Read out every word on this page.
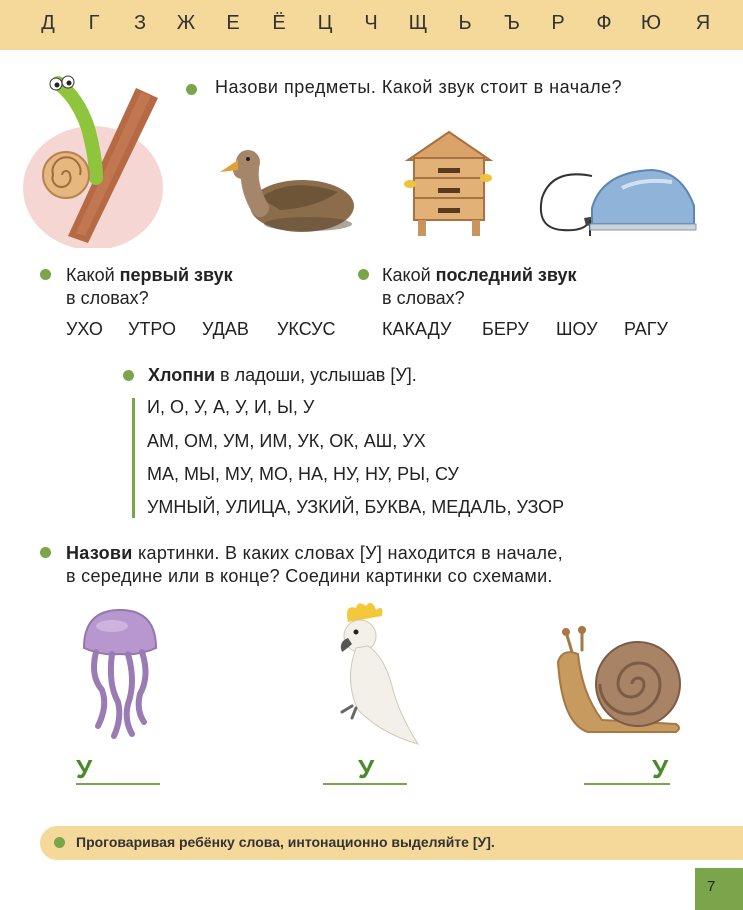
Д	Г	З	Ж	Е	Ё	Ц	Ч	Щ	Ь	Ъ	Р	Ф	Ю	Я
Назови предметы. Какой звук стоит в начале?
Какой первый звук
в словах?
УХО УТРО УДАВ УКСУС
Какой последний звук
в словах?
КАКАДУ БЕРУ ШОУ РАГУ
Хлопни в ладоши, услышав [У].
И, О, У, А, У, И, Ы, У
АМ, ОМ, УМ, ИМ, УК, ОК, АШ, УХ
МА, МЫ, МУ, МО, НА, НУ, НУ, РЫ, СУ
УМНЫЙ, УЛИЦА, УЗКИЙ, БУКВА, МЕДАЛЬ, УЗОР
Назови картинки. В каких словах [У] находится в начале,
в середине или в конце? Соедини картинки со схемами.
У	У	У
Проговаривая ребёнку слова, интонационно выделяйте [У].
7
